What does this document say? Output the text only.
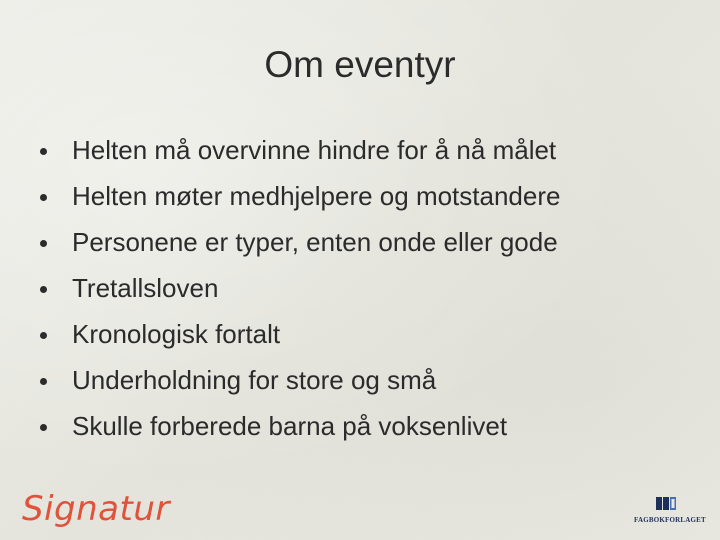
Om eventyr
Helten må overvinne hindre for å nå målet
Helten møter medhjelpere og motstandere
Personene er typer, enten onde eller gode
Tretallsloven
Kronologisk fortalt
Underholdning for store og små
Skulle forberede barna på voksenlivet
Signatur	FAGBOKFORLAGET
